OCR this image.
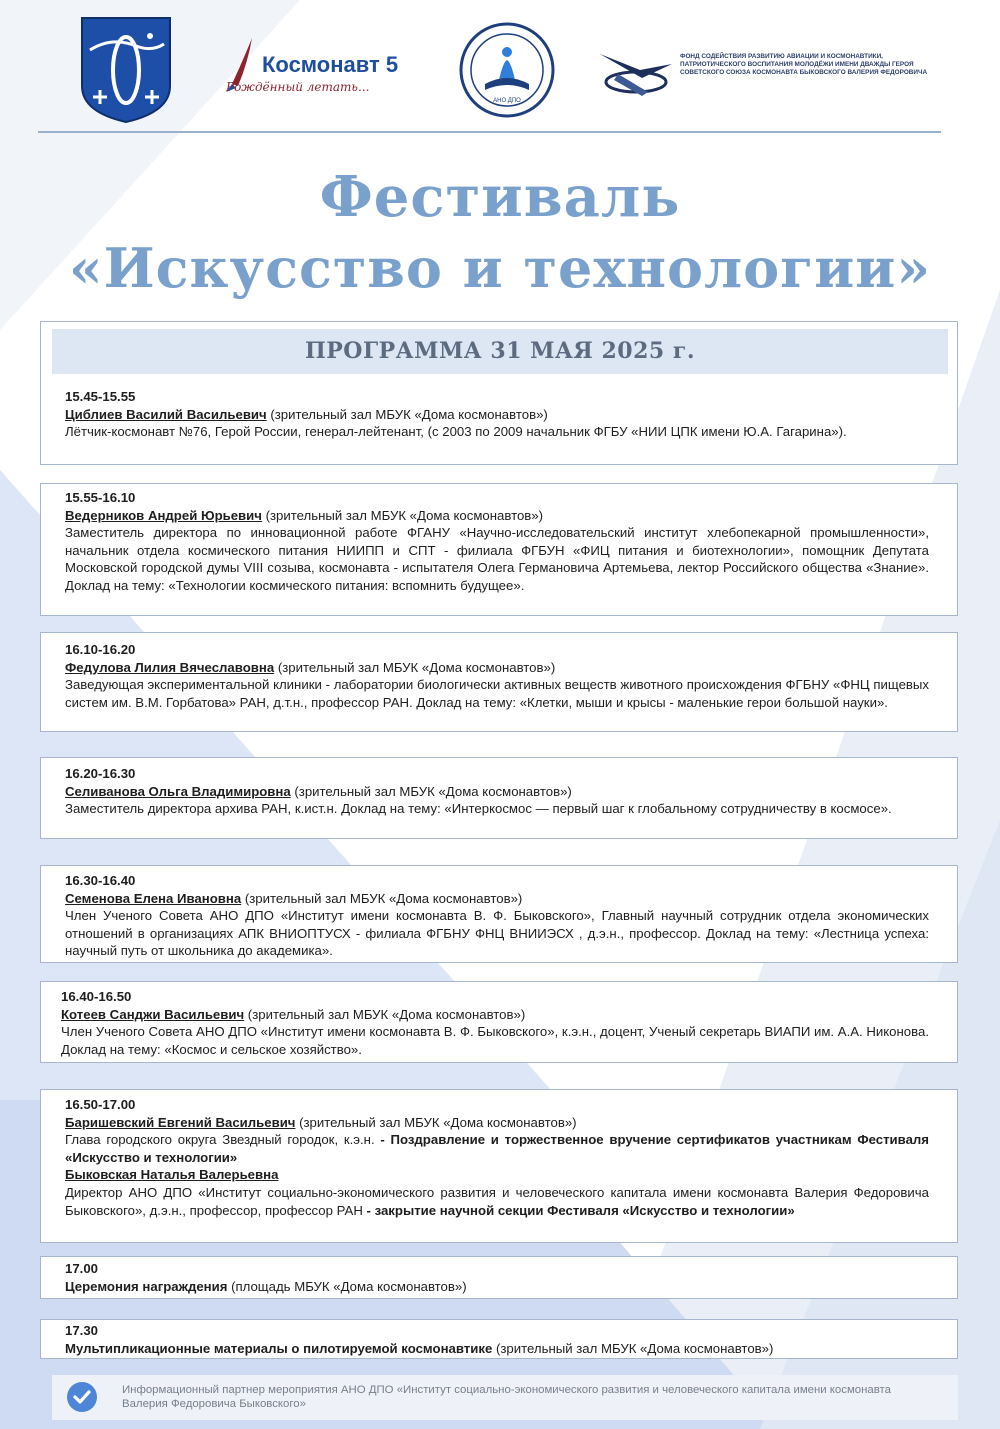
Космонавт 5
Рождённый летать...
АНО ДПО
ФОНД СОДЕЙСТВИЯ РАЗВИТИЮ АВИАЦИИ И КОСМОНАВТИКИ, ПАТРИОТИЧЕСКОГО ВОСПИТАНИЯ МОЛОДЁЖИ ИМЕНИ ДВАЖДЫ ГЕРОЯ СОВЕТСКОГО СОЮЗА КОСМОНАВТА БЫКОВСКОГО ВАЛЕРИЯ ФЕДОРОВИЧА
Фестиваль
«Искусство и технологии»
15.45-15.55
Циблиев Василий Васильевич (зрительный зал МБУК «Дома космонавтов»)
Лётчик-космонавт №76, Герой России, генерал-лейтенант, (с 2003 по 2009 начальник ФГБУ «НИИ ЦПК имени Ю.А. Гагарина»).
ПРОГРАММА 31 МАЯ 2025 г.
15.55-16.10
Ведерников Андрей Юрьевич (зрительный зал МБУК «Дома космонавтов»)
Заместитель директора по инновационной работе ФГАНУ «Научно-исследовательский институт хлебопекарной промышленности», начальник отдела космического питания НИИПП и СПТ - филиала ФГБУН «ФИЦ питания и биотехнологии», помощник Депутата Московской городской думы VIII созыва, космонавта - испытателя Олега Германовича Артемьева, лектор Российского общества «Знание». Доклад на тему: «Технологии космического питания: вспомнить будущее».
16.10-16.20
Федулова Лилия Вячеславовна (зрительный зал МБУК «Дома космонавтов»)
Заведующая экспериментальной клиники - лаборатории биологически активных веществ животного происхождения ФГБНУ «ФНЦ пищевых систем им. В.М. Горбатова» РАН, д.т.н., профессор РАН. Доклад на тему: «Клетки, мыши и крысы - маленькие герои большой науки».
16.20-16.30
Селиванова Ольга Владимировна (зрительный зал МБУК «Дома космонавтов»)
Заместитель директора архива РАН, к.ист.н. Доклад на тему: «Интеркосмос — первый шаг к глобальному сотрудничеству в космосе».
16.30-16.40
Семенова Елена Ивановна (зрительный зал МБУК «Дома космонавтов»)
Член Ученого Совета АНО ДПО «Институт имени космонавта В. Ф. Быковского», Главный научный сотрудник отдела экономических отношений в организациях АПК ВНИОПТУСХ - филиала ФГБНУ ФНЦ ВНИИЭСХ , д.э.н., профессор. Доклад на тему: «Лестница успеха: научный путь от школьника до академика».
16.40-16.50
Котеев Санджи Васильевич (зрительный зал МБУК «Дома космонавтов»)
Член Ученого Совета АНО ДПО «Институт имени космонавта В. Ф. Быковского», к.э.н., доцент, Ученый секретарь ВИАПИ им. А.А. Никонова. Доклад на тему: «Космос и сельское хозяйство».
16.50-17.00
Баришевский Евгений Васильевич (зрительный зал МБУК «Дома космонавтов»)
Глава городского округа Звездный городок, к.э.н. - Поздравление и торжественное вручение сертификатов участникам Фестиваля «Искусство и технологии»
Быковская Наталья Валерьевна
Директор АНО ДПО «Институт социально-экономического развития и человеческого капитала имени космонавта Валерия Федоровича Быковского», д.э.н., профессор, профессор РАН - закрытие научной секции Фестиваля «Искусство и технологии»
17.00
Церемония награждения (площадь МБУК «Дома космонавтов»)
17.30
Мультипликационные материалы о пилотируемой космонавтике (зрительный зал МБУК «Дома космонавтов»)
Информационный партнер мероприятия АНО ДПО «Институт социально-экономического развития и человеческого капитала имени космонавта Валерия Федоровича Быковского»
